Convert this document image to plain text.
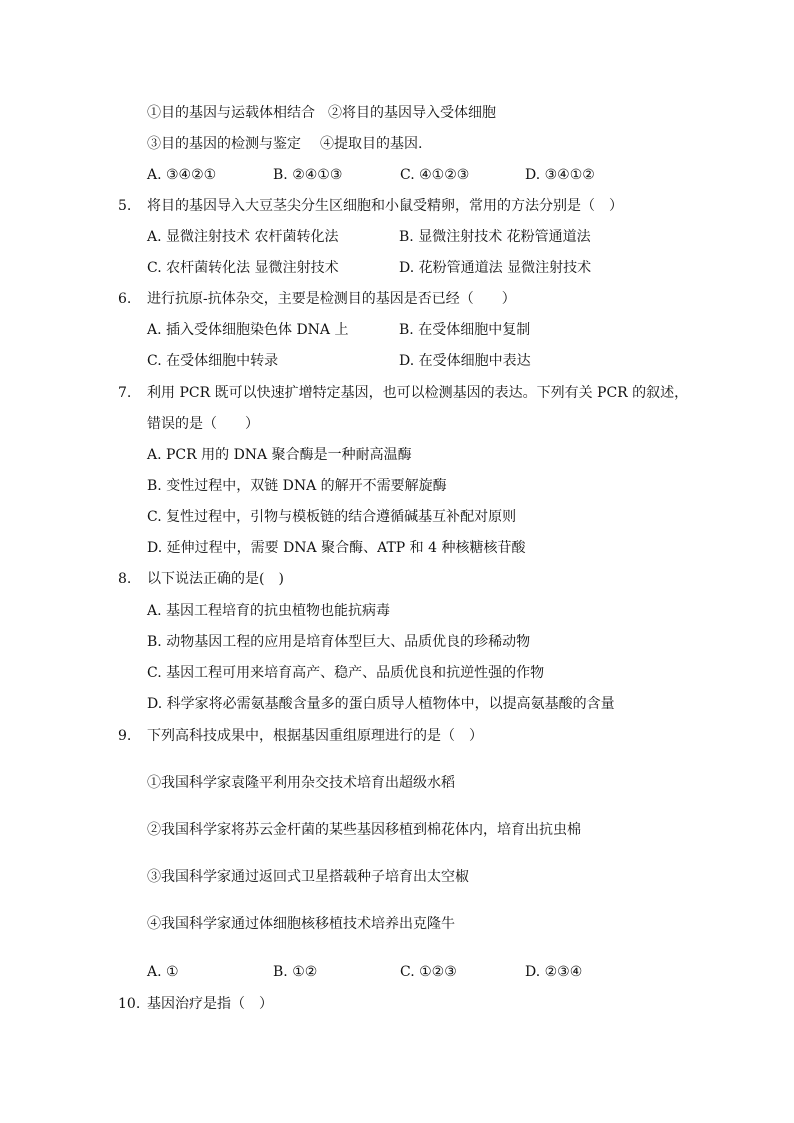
①目的基因与运载体相结合 ②将目的基因导入受体细胞
③目的基因的检测与鉴定 ④提取目的基因.
A. ③④②①	B. ②④①③	C. ④①②③	D. ③④①②
5. 将目的基因导入大豆茎尖分生区细胞和小鼠受精卵，常用的方法分别是（　）
A. 显微注射技术 农杆菌转化法	B. 显微注射技术 花粉管通道法
C. 农杆菌转化法 显微注射技术	D. 花粉管通道法 显微注射技术
6. 进行抗原-抗体杂交，主要是检测目的基因是否已经（　　）
A. 插入受体细胞染色体 DNA 上	B. 在受体细胞中复制
C. 在受体细胞中转录	D. 在受体细胞中表达
7. 利用 PCR 既可以快速扩增特定基因，也可以检测基因的表达。下列有关 PCR 的叙述，
错误的是（　　）
A. PCR 用的 DNA 聚合酶是一种耐高温酶
B. 变性过程中，双链 DNA 的解开不需要解旋酶
C. 复性过程中，引物与模板链的结合遵循碱基互补配对原则
D. 延伸过程中，需要 DNA 聚合酶、ATP 和 4 种核糖核苷酸
8. 以下说法正确的是(　)
A. 基因工程培育的抗虫植物也能抗病毒
B. 动物基因工程的应用是培育体型巨大、品质优良的珍稀动物
C. 基因工程可用来培育高产、稳产、品质优良和抗逆性强的作物
D. 科学家将必需氨基酸含量多的蛋白质导人植物体中，以提高氨基酸的含量
9. 下列高科技成果中，根据基因重组原理进行的是（　）
①我国科学家袁隆平利用杂交技术培育出超级水稻
②我国科学家将苏云金杆菌的某些基因移植到棉花体内，培育出抗虫棉
③我国科学家通过返回式卫星搭载种子培育出太空椒
④我国科学家通过体细胞核移植技术培养出克隆牛
A. ①	B. ①②	C. ①②③	D. ②③④
10. 基因治疗是指（　）
